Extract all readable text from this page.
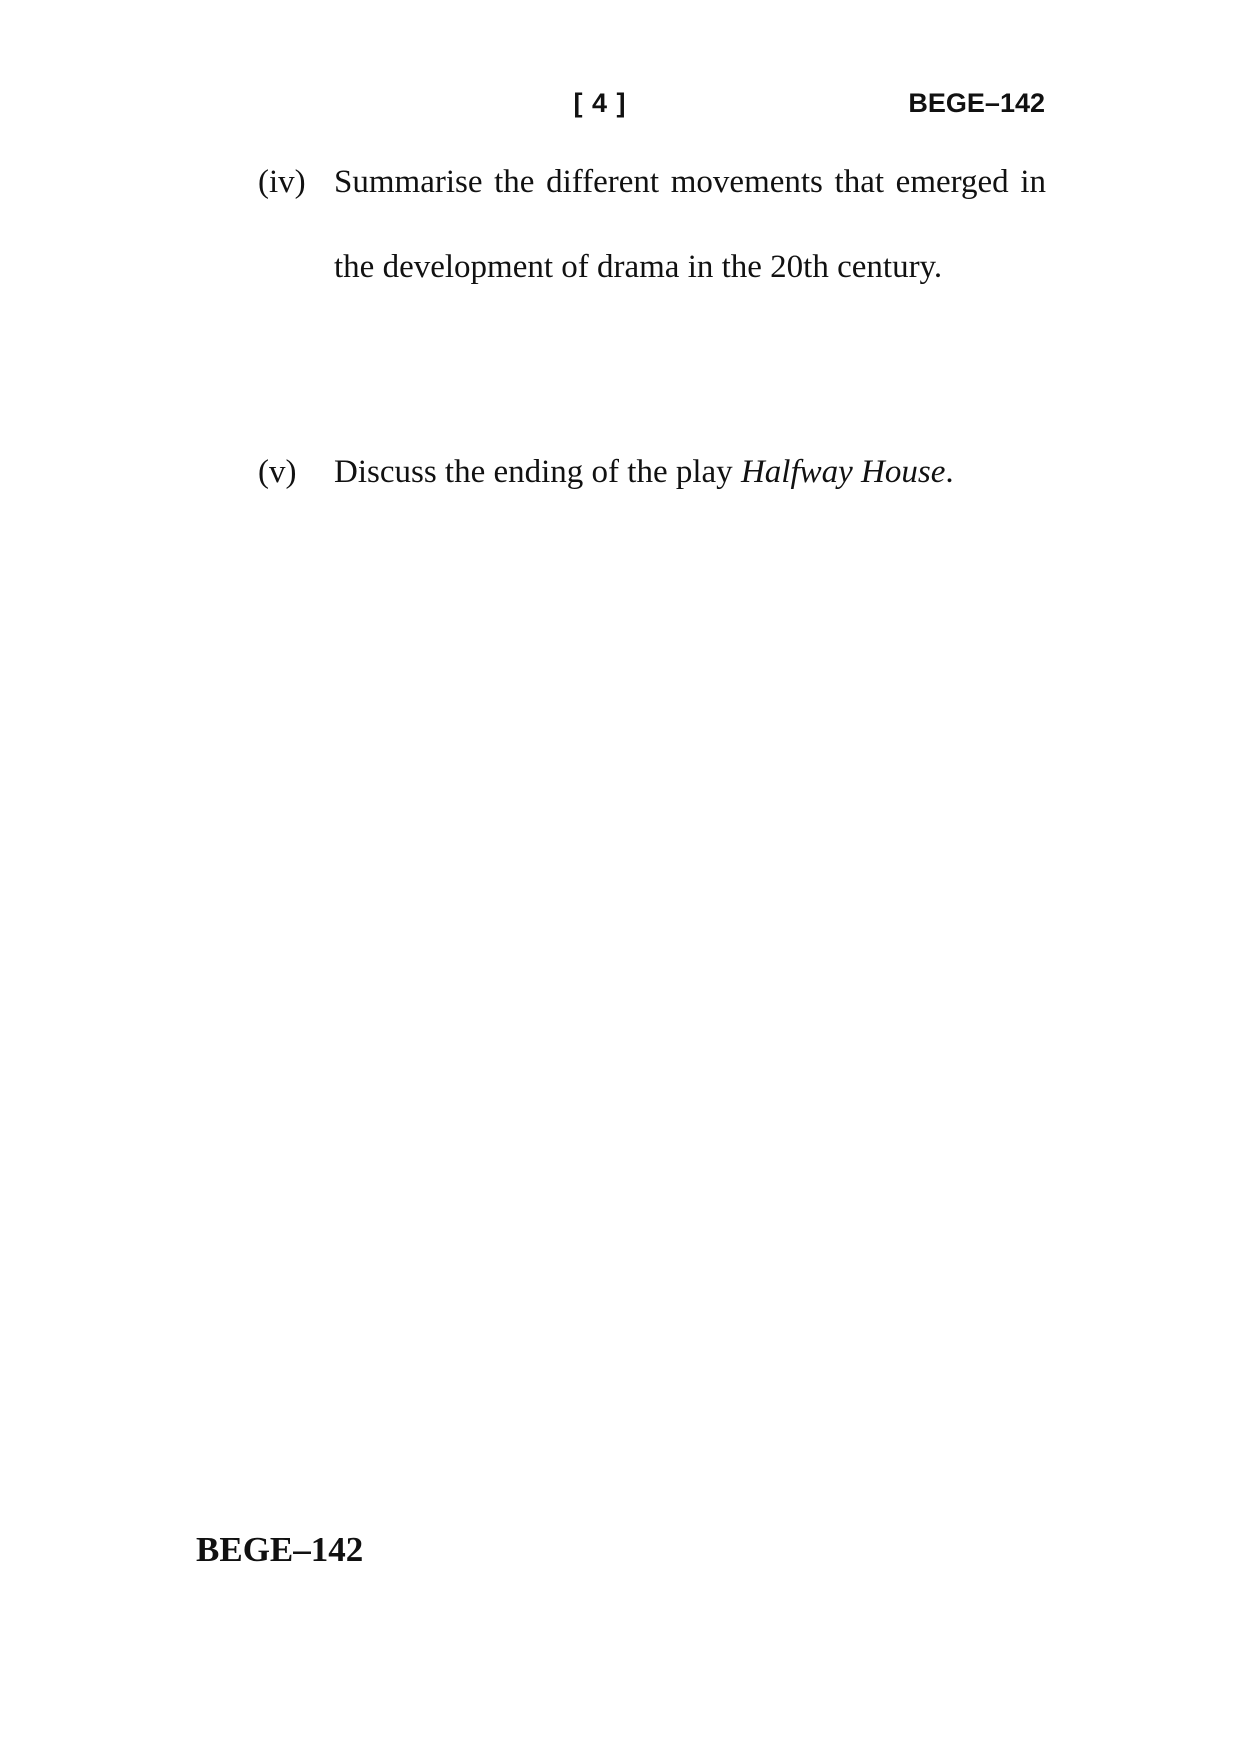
[ 4 ]	BEGE–142
(iv) Summarise the different movements that emerged in the development of drama in the 20th century.
(v) Discuss the ending of the play Halfway House.
BEGE–142
